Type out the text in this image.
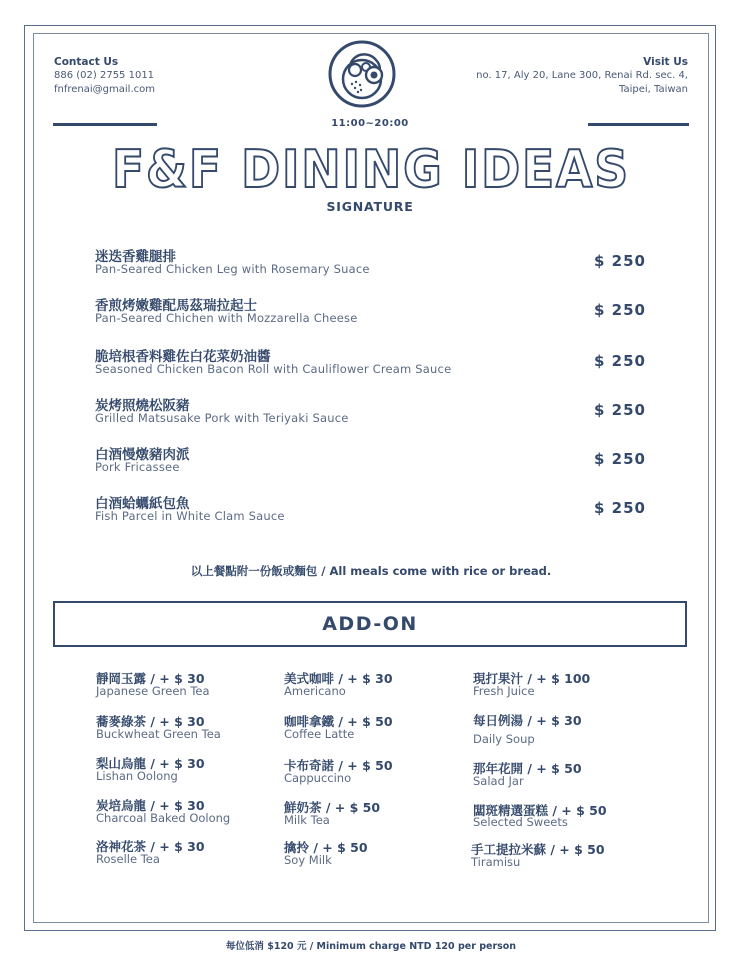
Contact Us
886 (02) 2755 1011
fnfrenai@gmail.com
Visit Us
no. 17, Aly 20, Lane 300, Renai Rd. sec. 4,
Taipei, Taiwan
11:00~20:00
F&F DINING IDEAS
SIGNATURE
迷迭香雞腿排
Pan-Seared Chicken Leg with Rosemary Suace	$ 250
香煎烤嫩雞配馬茲瑞拉起士
Pan-Seared Chichen with Mozzarella Cheese	$ 250
脆培根香料雞佐白花菜奶油醬
Seasoned Chicken Bacon Roll with Cauliflower Cream Sauce	$ 250
炭烤照燒松阪豬
Grilled Matsusake Pork with Teriyaki Sauce	$ 250
白酒慢燉豬肉派
Pork Fricassee	$ 250
白酒蛤蠣紙包魚
Fish Parcel in White Clam Sauce	$ 250
以上餐點附一份飯或麵包 / All meals come with rice or bread.
ADD-ON
靜岡玉露 / + $ 30
Japanese Green Tea
蕎麥綠茶 / + $ 30
Buckwheat Green Tea
梨山烏龍 / + $ 30
Lishan Oolong
炭培烏龍 / + $ 30
Charcoal Baked Oolong
洛神花茶 / + $ 30
Roselle Tea
美式咖啡 / + $ 30
Americano
咖啡拿鐵 / + $ 50
Coffee Latte
卡布奇諾 / + $ 50
Cappuccino
鮮奶茶 / + $ 50
Milk Tea
擒拎 / + $ 50
Soy Milk
現打果汁 / + $ 100
Fresh Juice
每日例湯 / + $ 30
Daily Soup
那年花開 / + $ 50
Salad Jar
闆斑精選蛋糕 / + $ 50
Selected Sweets
手工提拉米蘇 / + $ 50
Tiramisu
每位低消 $120 元 / Minimum charge NTD 120 per person
